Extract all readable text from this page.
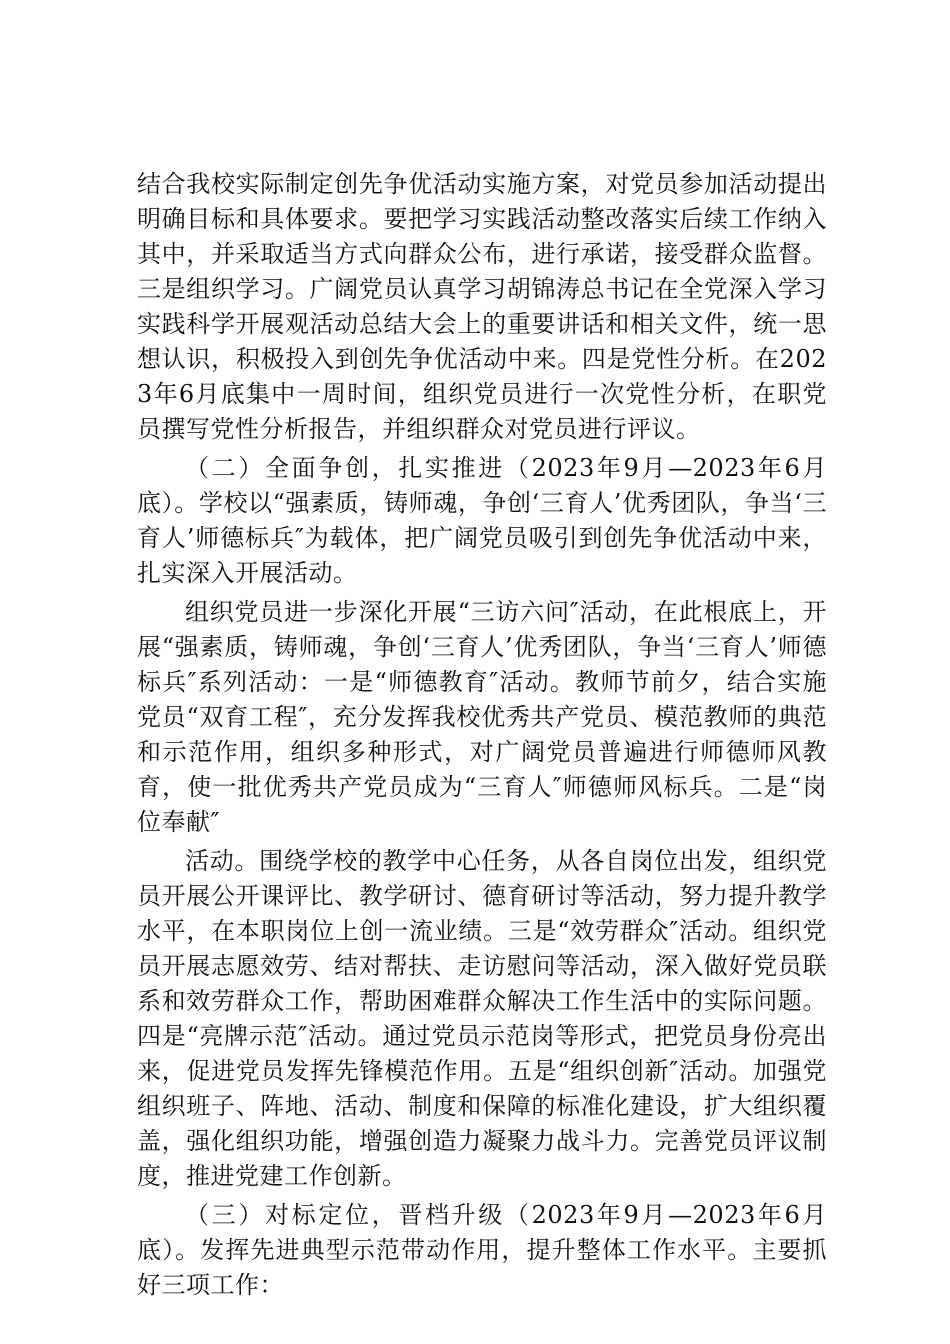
结合我校实际制定创先争优活动实施方案，对党员参加活动提出明确目标和具体要求。要把学习实践活动整改落实后续工作纳入其中，并采取适当方式向群众公布，进行承诺，接受群众监督。三是组织学习。广阔党员认真学习胡锦涛总书记在全党深入学习实践科学开展观活动总结大会上的重要讲话和相关文件，统一思想认识，积极投入到创先争优活动中来。四是党性分析。在2023年6月底集中一周时间，组织党员进行一次党性分析，在职党员撰写党性分析报告，并组织群众对党员进行评议。

（二）全面争创，扎实推进（2023年9月—2023年6月底）。学校以“强素质，铸师魂，争创‘三育人’优秀团队，争当‘三育人’师德标兵″为载体，把广阔党员吸引到创先争优活动中来，扎实深入开展活动。

组织党员进一步深化开展“三访六问″活动，在此根底上，开展“强素质，铸师魂，争创‘三育人’优秀团队，争当‘三育人’师德标兵″系列活动：一是“师德教育″活动。教师节前夕，结合实施党员“双育工程″，充分发挥我校优秀共产党员、模范教师的典范和示范作用，组织多种形式，对广阔党员普遍进行师德师风教育，使一批优秀共产党员成为“三育人″师德师风标兵。二是“岗位奉献″

活动。围绕学校的教学中心任务，从各自岗位出发，组织党员开展公开课评比、教学研讨、德育研讨等活动，努力提升教学水平，在本职岗位上创一流业绩。三是“效劳群众″活动。组织党员开展志愿效劳、结对帮扶、走访慰问等活动，深入做好党员联系和效劳群众工作，帮助困难群众解决工作生活中的实际问题。四是“亮牌示范″活动。通过党员示范岗等形式，把党员身份亮出来，促进党员发挥先锋模范作用。五是“组织创新″活动。加强党组织班子、阵地、活动、制度和保障的标准化建设，扩大组织覆盖，强化组织功能，增强创造力凝聚力战斗力。完善党员评议制度，推进党建工作创新。

（三）对标定位，晋档升级（2023年9月—2023年6月底）。发挥先进典型示范带动作用，提升整体工作水平。主要抓好三项工作：
